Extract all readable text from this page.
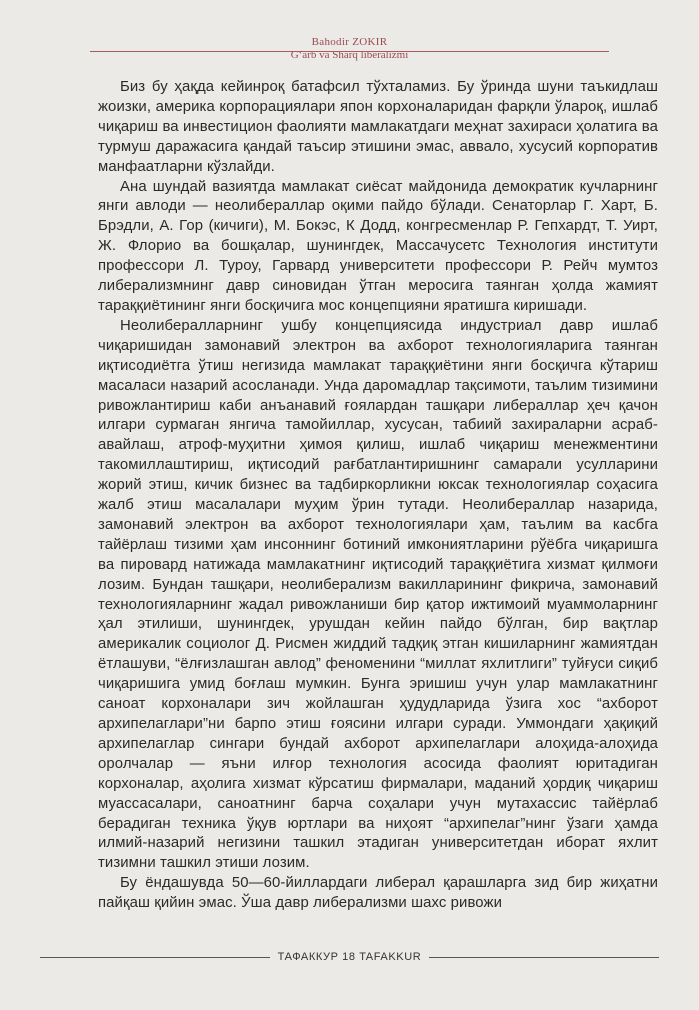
Bahodir ZOKIR
G‘arb va Sharq liberalizmi

Биз бу ҳақда кейинроқ батафсил тўхталамиз. Бу ўринда шуни таъкидлаш жоизки, америка корпорациялари япон корхоналаридан фарқли ўлароқ, ишлаб чиқариш ва инвестицион фаолияти мамлакатдаги меҳнат захираси ҳолатига ва турмуш даражасига қандай таъсир этишини эмас, аввало, хусусий корпоратив манфаатларни кўзлайди.

Ана шундай вазиятда мамлакат сиёсат майдонида демократик кучларнинг янги авлоди — неолибераллар оқими пайдо бўлади. Сенаторлар Г. Харт, Б. Брэдли, А. Гор (кичиги), М. Бокэс, К Додд, конгресменлар Р. Гепхардт, Т. Уирт, Ж. Флорио ва бошқалар, шунингдек, Массачусетс Технология институти профессори Л. Туроу, Гарвард университети профессори Р. Рейч мумтоз либерализмнинг давр синовидан ўтган меросига таянган ҳолда жамият тараққиётининг янги босқичига мос концепцияни яратишга киришади.

Неолибералларнинг ушбу концепциясида индустриал давр ишлаб чиқаришидан замонавий электрон ва ахборот технологияларига таянган иқтисодиётга ўтиш негизида мамлакат тараққиётини янги босқичга кўтариш масаласи назарий асосланади. Унда даромадлар тақсимоти, таълим тизимини ривожлантириш каби анъанавий ғоялардан ташқари либераллар ҳеч қачон илгари сурмаган янгича тамойиллар, хусусан, табиий захираларни асраб-авайлаш, атроф-муҳитни ҳимоя қилиш, ишлаб чиқариш менежментини такомиллаштириш, иқтисодий рағбатлантиришнинг самарали усулларини жорий этиш, кичик бизнес ва тадбиркорликни юксак технологиялар соҳасига жалб этиш масалалари муҳим ўрин тутади. Неолибераллар назарида, замонавий электрон ва ахборот технологиялари ҳам, таълим ва касбга тайёрлаш тизими ҳам инсоннинг ботиний имкониятларини рўёбга чиқаришга ва пировард натижада мамлакатнинг иқтисодий тараққиётига хизмат қилмоғи лозим. Бундан ташқари, неолиберализм вакилларининг фикрича, замонавий технологияларнинг жадал ривожланиши бир қатор ижтимоий муаммоларнинг ҳал этилиши, шунингдек, урушдан кейин пайдо бўлган, бир вақтлар америкалик социолог Д. Рисмен жиддий тадқиқ этган кишиларнинг жамиятдан ётлашуви, “ёлғизлашган авлод” феноменини “миллат яхлитлиги” туйғуси сиқиб чиқаришига умид боғлаш мумкин. Бунга эришиш учун улар мамлакатнинг саноат корхоналари зич жойлашган ҳудудларида ўзига хос “ахборот архипелаглари”ни барпо этиш ғоясини илгари суради. Уммондаги ҳақиқий архипелаглар сингари бундай ахборот архипелаглари алоҳида-алоҳида оролчалар — яъни илғор технология асосида фаолият юритадиган корхоналар, аҳолига хизмат кўрсатиш фирмалари, маданий ҳордиқ чиқариш муассасалари, саноатнинг барча соҳалари учун мутахассис тайёрлаб берадиган техника ўқув юртлари ва ниҳоят “архипелаг”нинг ўзаги ҳамда илмий-назарий негизини ташкил этадиган университетдан иборат яхлит тизимни ташкил этиши лозим.

Бу ёндашувда 50—60-йиллардаги либерал қарашларга зид бир жиҳатни пайқаш қийин эмас. Ўша давр либерализми шахс ривожи

ТАФАККУР 18 TAFAKKUR
